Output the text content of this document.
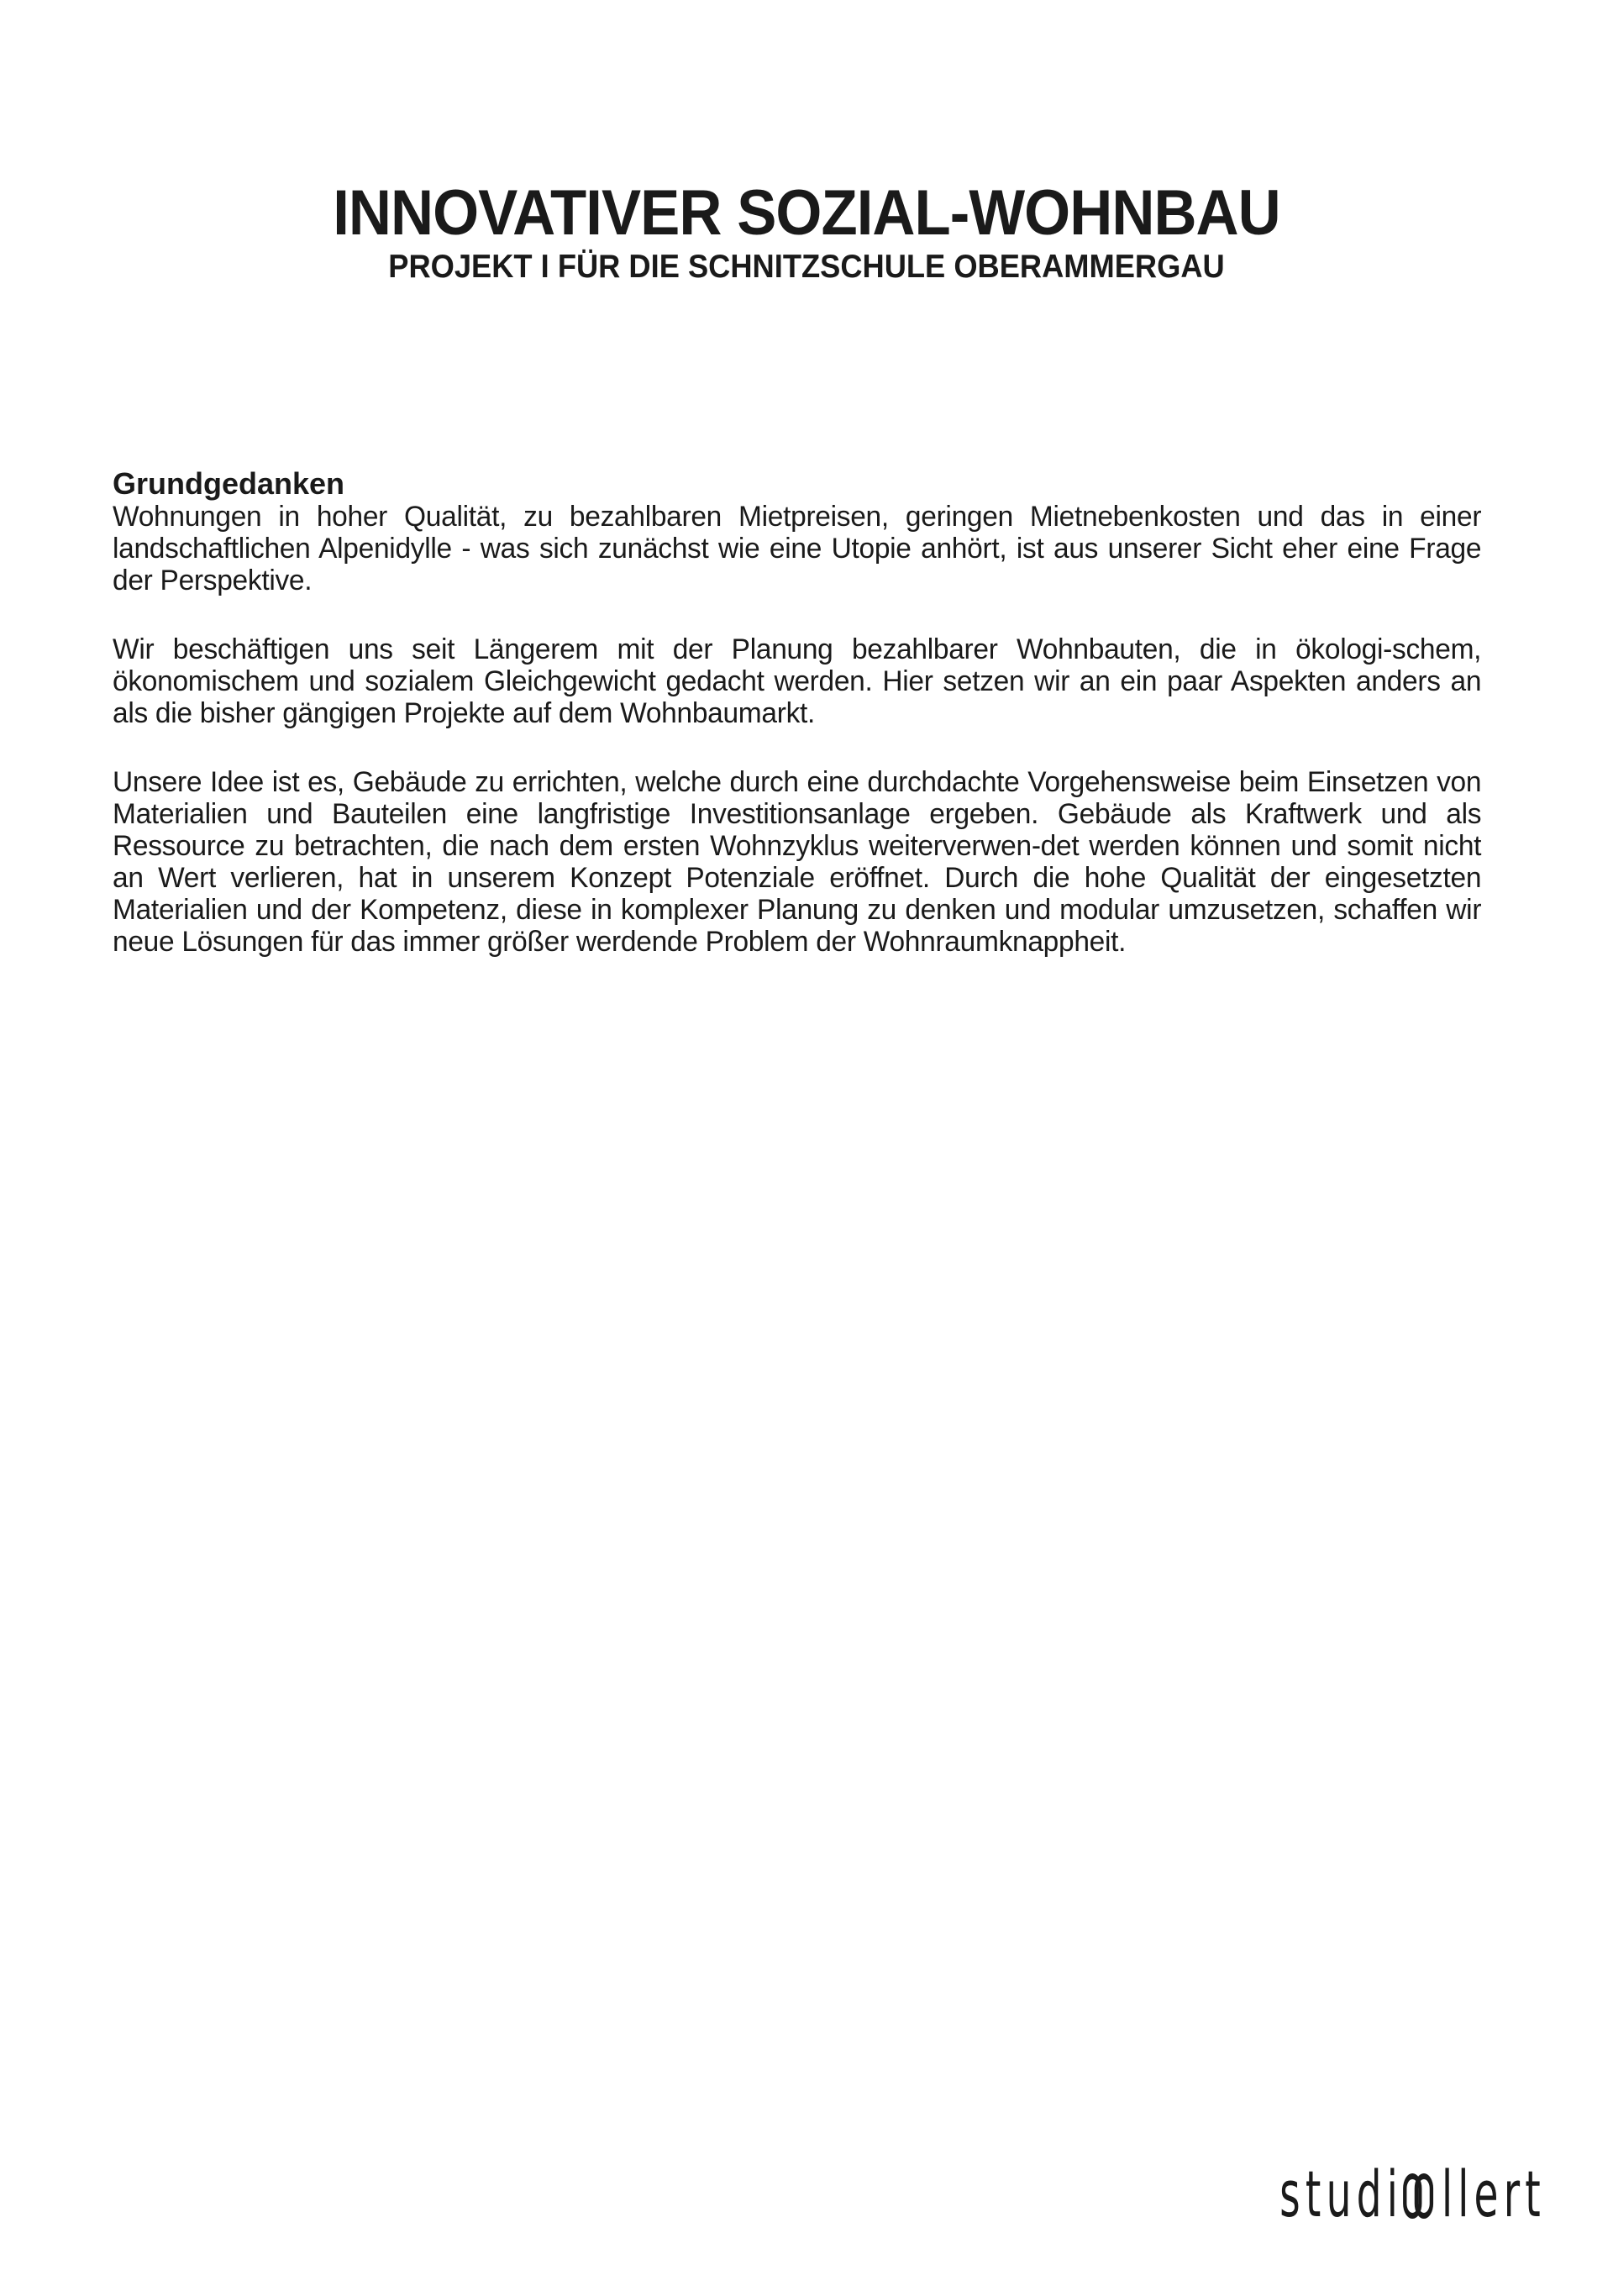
INNOVATIVER SOZIAL-WOHNBAU
PROJEKT I FÜR DIE SCHNITZSCHULE OBERAMMERGAU
Grundgedanken

Wohnungen in hoher Qualität, zu bezahlbaren Mietpreisen, geringen Mietnebenkosten und das in einer landschaftlichen Alpenidylle - was sich zunächst wie eine Utopie anhört, ist aus unserer Sicht eher eine Frage der Perspektive.

Wir beschäftigen uns seit Längerem mit der Planung bezahlbarer Wohnbauten, die in ökologi-schem, ökonomischem und sozialem Gleichgewicht gedacht werden. Hier setzen wir an ein paar Aspekten anders an als die bisher gängigen Projekte auf dem Wohnbaumarkt.

Unsere Idee ist es, Gebäude zu errichten, welche durch eine durchdachte Vorgehensweise beim Einsetzen von Materialien und Bauteilen eine langfristige Investitionsanlage ergeben. Gebäude als Kraftwerk und als Ressource zu betrachten, die nach dem ersten Wohnzyklus weiterverwen-det werden können und somit nicht an Wert verlieren, hat in unserem Konzept Potenziale eröffnet. Durch die hohe Qualität der eingesetzten Materialien und der Kompetenz, diese in komplexer Planung zu denken und modular umzusetzen, schaffen wir neue Lösungen für das immer größer werdende Problem der Wohnraumknappheit.

studi llert
